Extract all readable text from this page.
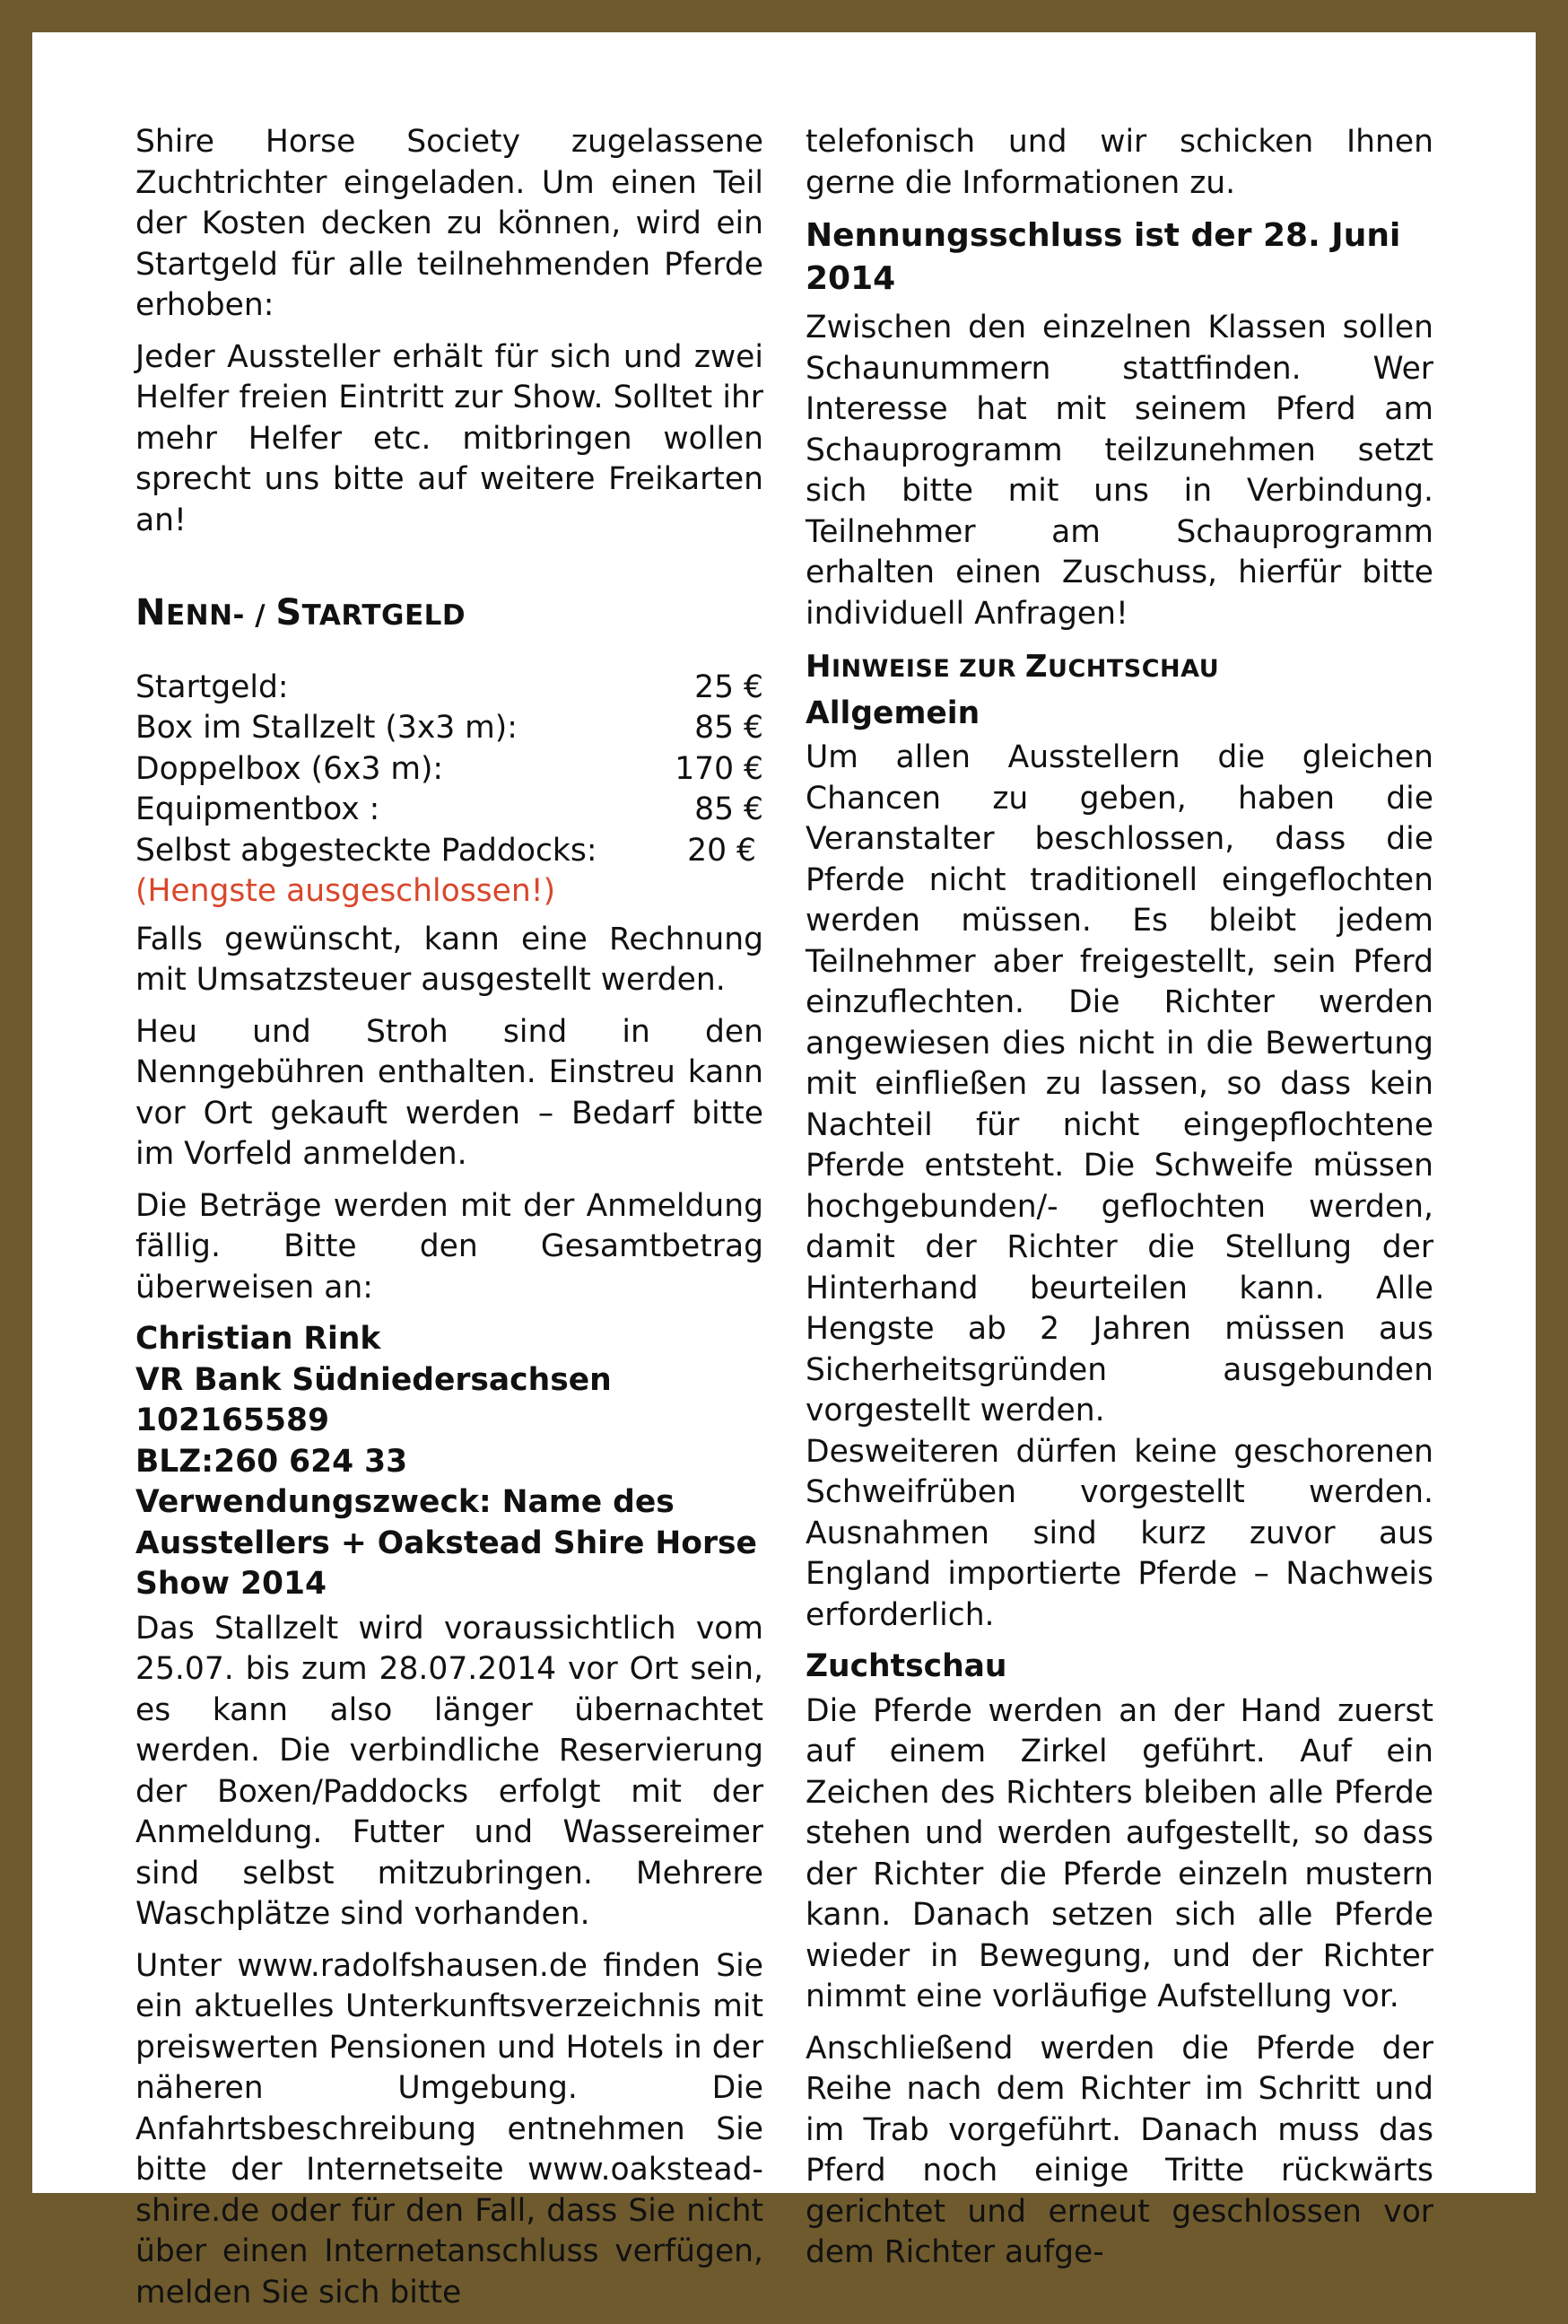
Shire Horse Society zugelassene Zuchtrichter eingeladen. Um einen Teil der Kosten decken zu können, wird ein Startgeld für alle teilnehmenden Pferde erhoben:

Jeder Aussteller erhält für sich und zwei Helfer freien Eintritt zur Show. Solltet ihr mehr Helfer etc. mitbringen wollen sprecht uns bitte auf weitere Freikarten an!

NENN- / STARTGELD
Startgeld:	25 €
Box im Stallzelt (3x3 m):	85 €
Doppelbox (6x3 m):	170 €
Equipmentbox :	85 €
Selbst abgesteckte Paddocks:	20 €
(Hengste ausgeschlossen!)

Falls gewünscht, kann eine Rechnung mit Umsatzsteuer ausgestellt werden.

Heu und Stroh sind in den Nenngebühren enthalten. Einstreu kann vor Ort gekauft werden – Bedarf bitte im Vorfeld anmelden.

Die Beträge werden mit der Anmeldung fällig. Bitte den Gesamtbetrag überweisen an:

Christian Rink
VR Bank Südniedersachsen 102165589
BLZ:260 624 33
Verwendungszweck: Name des Ausstellers + Oakstead Shire Horse Show 2014

Das Stallzelt wird voraussichtlich vom 25.07. bis zum 28.07.2014 vor Ort sein, es kann also länger übernachtet werden. Die verbindliche Reservierung der Boxen/Paddocks erfolgt mit der Anmeldung. Futter und Wassereimer sind selbst mitzubringen. Mehrere Waschplätze sind vorhanden.

Unter www.radolfshausen.de finden Sie ein aktuelles Unterkunftsverzeichnis mit preiswerten Pensionen und Hotels in der näheren Umgebung. Die Anfahrtsbeschreibung entnehmen Sie bitte der Internetseite www.oakstead-shire.de oder für den Fall, dass Sie nicht über einen Internetanschluss verfügen, melden Sie sich bitte

telefonisch und wir schicken Ihnen gerne die Informationen zu.

Nennungsschluss ist der 28. Juni 2014

Zwischen den einzelnen Klassen sollen Schaunummern stattfinden. Wer Interesse hat mit seinem Pferd am Schauprogramm teilzunehmen setzt sich bitte mit uns in Verbindung. Teilnehmer am Schauprogramm erhalten einen Zuschuss, hierfür bitte individuell Anfragen!

HINWEISE ZUR ZUCHTSCHAU
Allgemein

Um allen Ausstellern die gleichen Chancen zu geben, haben die Veranstalter beschlossen, dass die Pferde nicht traditionell eingeflochten werden müssen. Es bleibt jedem Teilnehmer aber freigestellt, sein Pferd einzuflechten. Die Richter werden angewiesen dies nicht in die Bewertung mit einfließen zu lassen, so dass kein Nachteil für nicht eingepflochtene Pferde entsteht. Die Schweife müssen hochgebunden/- geflochten werden, damit der Richter die Stellung der Hinterhand beurteilen kann. Alle Hengste ab 2 Jahren müssen aus Sicherheitsgründen ausgebunden vorgestellt werden.

Desweiteren dürfen keine geschorenen Schweifrüben vorgestellt werden. Ausnahmen sind kurz zuvor aus England importierte Pferde – Nachweis erforderlich.

Zuchtschau

Die Pferde werden an der Hand zuerst auf einem Zirkel geführt. Auf ein Zeichen des Richters bleiben alle Pferde stehen und werden aufgestellt, so dass der Richter die Pferde einzeln mustern kann. Danach setzen sich alle Pferde wieder in Bewegung, und der Richter nimmt eine vorläufige Aufstellung vor.

Anschließend werden die Pferde der Reihe nach dem Richter im Schritt und im Trab vorgeführt. Danach muss das Pferd noch einige Tritte rückwärts gerichtet und erneut geschlossen vor dem Richter aufge-
